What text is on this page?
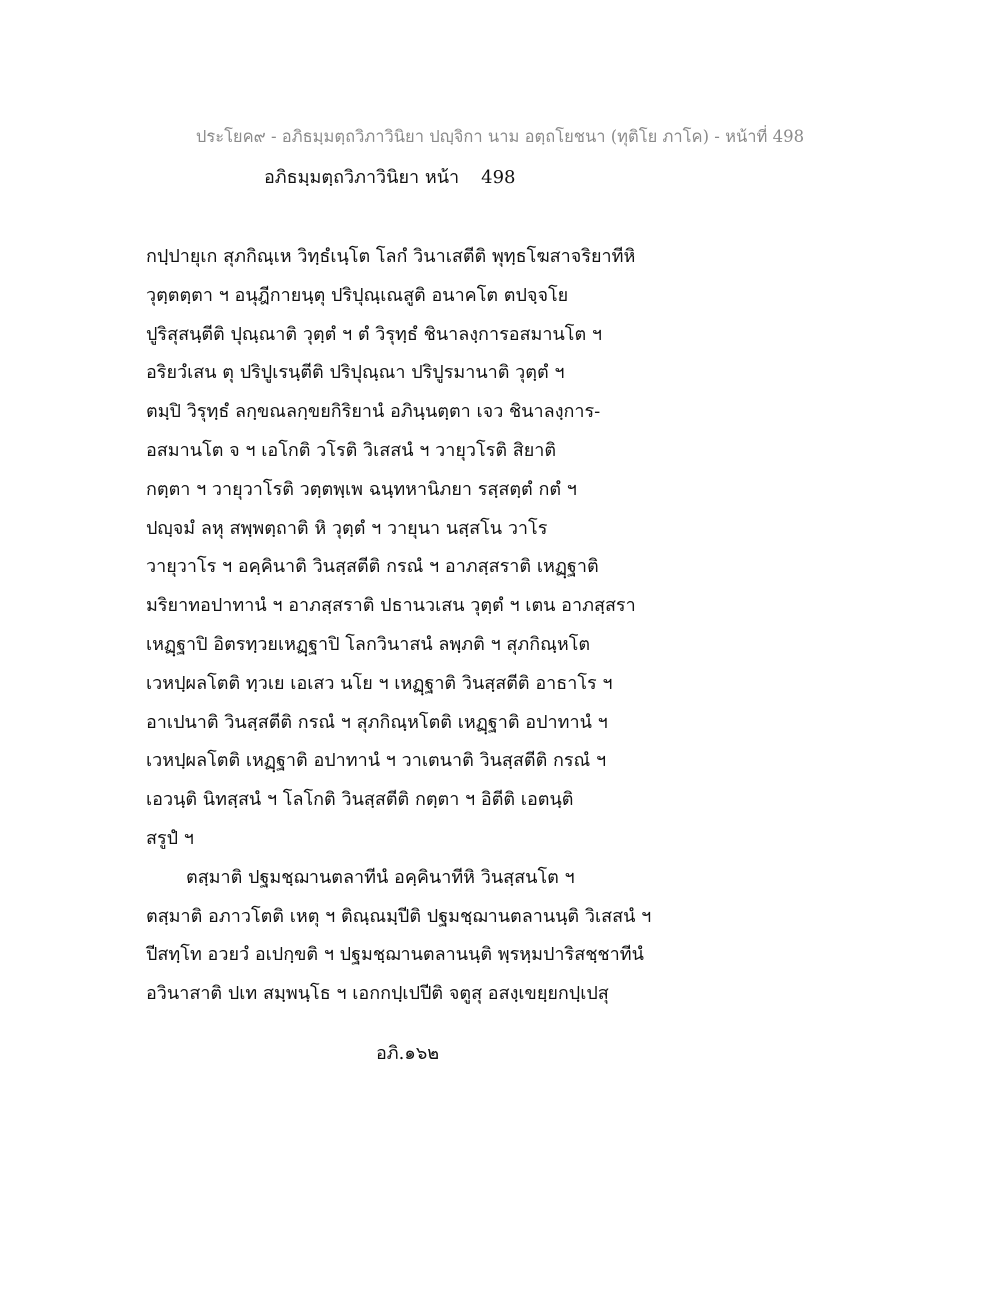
ประโยค๙ - อภิธมฺมตฺถวิภาวินิยา ปญฺจิกา นาม อตฺถโยชนา (ทุติโย ภาโค) - หน้าที่ 498
อภิธมฺมตฺถวิภาวินิยา หน้า 498
กปฺปายุเก สุภกิณฺเห วิทฺธํเนฺโต โลกํ วินาเสตีติ พุทฺธโฆสาจริยาทีหิ
วุตฺตตฺตา ฯ อนุฎีกายนฺตุ ปริปุณฺเณสูติ อนาคโต ตปจฺจโย
ปูริสุสนฺตีติ ปุณฺณาติ วุตฺตํ ฯ ตํ วิรุทฺธํ ชินาลงฺการอสมานโต ฯ
อริยวํเสน ตุ ปริปูเรนฺตีติ ปริปุณฺณา ปริปูรมานาติ วุตฺตํ ฯ
ตมฺปิ วิรุทฺธํ ลกฺขณลกฺขยกิริยานํ อภินฺนตฺตา เจว ชินาลงฺการ-
อสมานโต จ ฯ เอโกติ วโรติ วิเสสนํ ฯ วายุวโรติ สิยาติ
กตฺตา ฯ วายุวาโรติ วตฺตพฺเพ ฉนฺทหานิภยา รสฺสตฺตํ กตํ ฯ
ปญฺจมํ ลหุ สพฺพตฺถาติ หิ วุตฺตํ ฯ วายุนา นสฺสโน วาโร
วายุวาโร ฯ อคฺคินาติ วินสฺสตีติ กรณํ ฯ อาภสฺสราติ เหฏฺฐาติ
มริยาทอปาทานํ ฯ อาภสฺสราติ ปธานวเสน วุตฺตํ ฯ เตน อาภสฺสรา
เหฏฺฐาปิ อิตรทฺวยเหฏฺฐาปิ โลกวินาสนํ ลพฺภติ ฯ สุภกิณฺหโต
เวหปฺผลโตติ ทฺวเย เอเสว นโย ฯ เหฏฺฐาติ วินสฺสตีติ อาธาโร ฯ
อาเปนาติ วินสฺสตีติ กรณํ ฯ สุภกิณฺหโตติ เหฏฺฐาติ อปาทานํ ฯ
เวหปฺผลโตติ เหฏฺฐาติ อปาทานํ ฯ วาเตนาติ วินสฺสตีติ กรณํ ฯ
เอวนฺติ นิทสฺสนํ ฯ โลโกติ วินสฺสตีติ กตฺตา ฯ อิตีติ เอตนฺติ
สรูปํ ฯ
ตสฺมาติ ปฐมชฺฌานตลาทีนํ อคฺคินาทีหิ วินสฺสนโต ฯ
ตสฺมาติ อภาวโตติ เหตุ ฯ ติณฺณมฺปีติ ปฐมชฺฌานตลานนฺติ วิเสสนํ ฯ
ปีสทฺโท อวยวํ อเปกฺขติ ฯ ปฐมชฺฌานตลานนฺติ พฺรหฺมปาริสชฺชาทีนํ
อวินาสาติ ปเท สมฺพนฺโธ ฯ เอกกปฺเปปีติ จตูสุ อสงฺเขยฺยกปฺเปสุ
อภิ.๑๖๒
